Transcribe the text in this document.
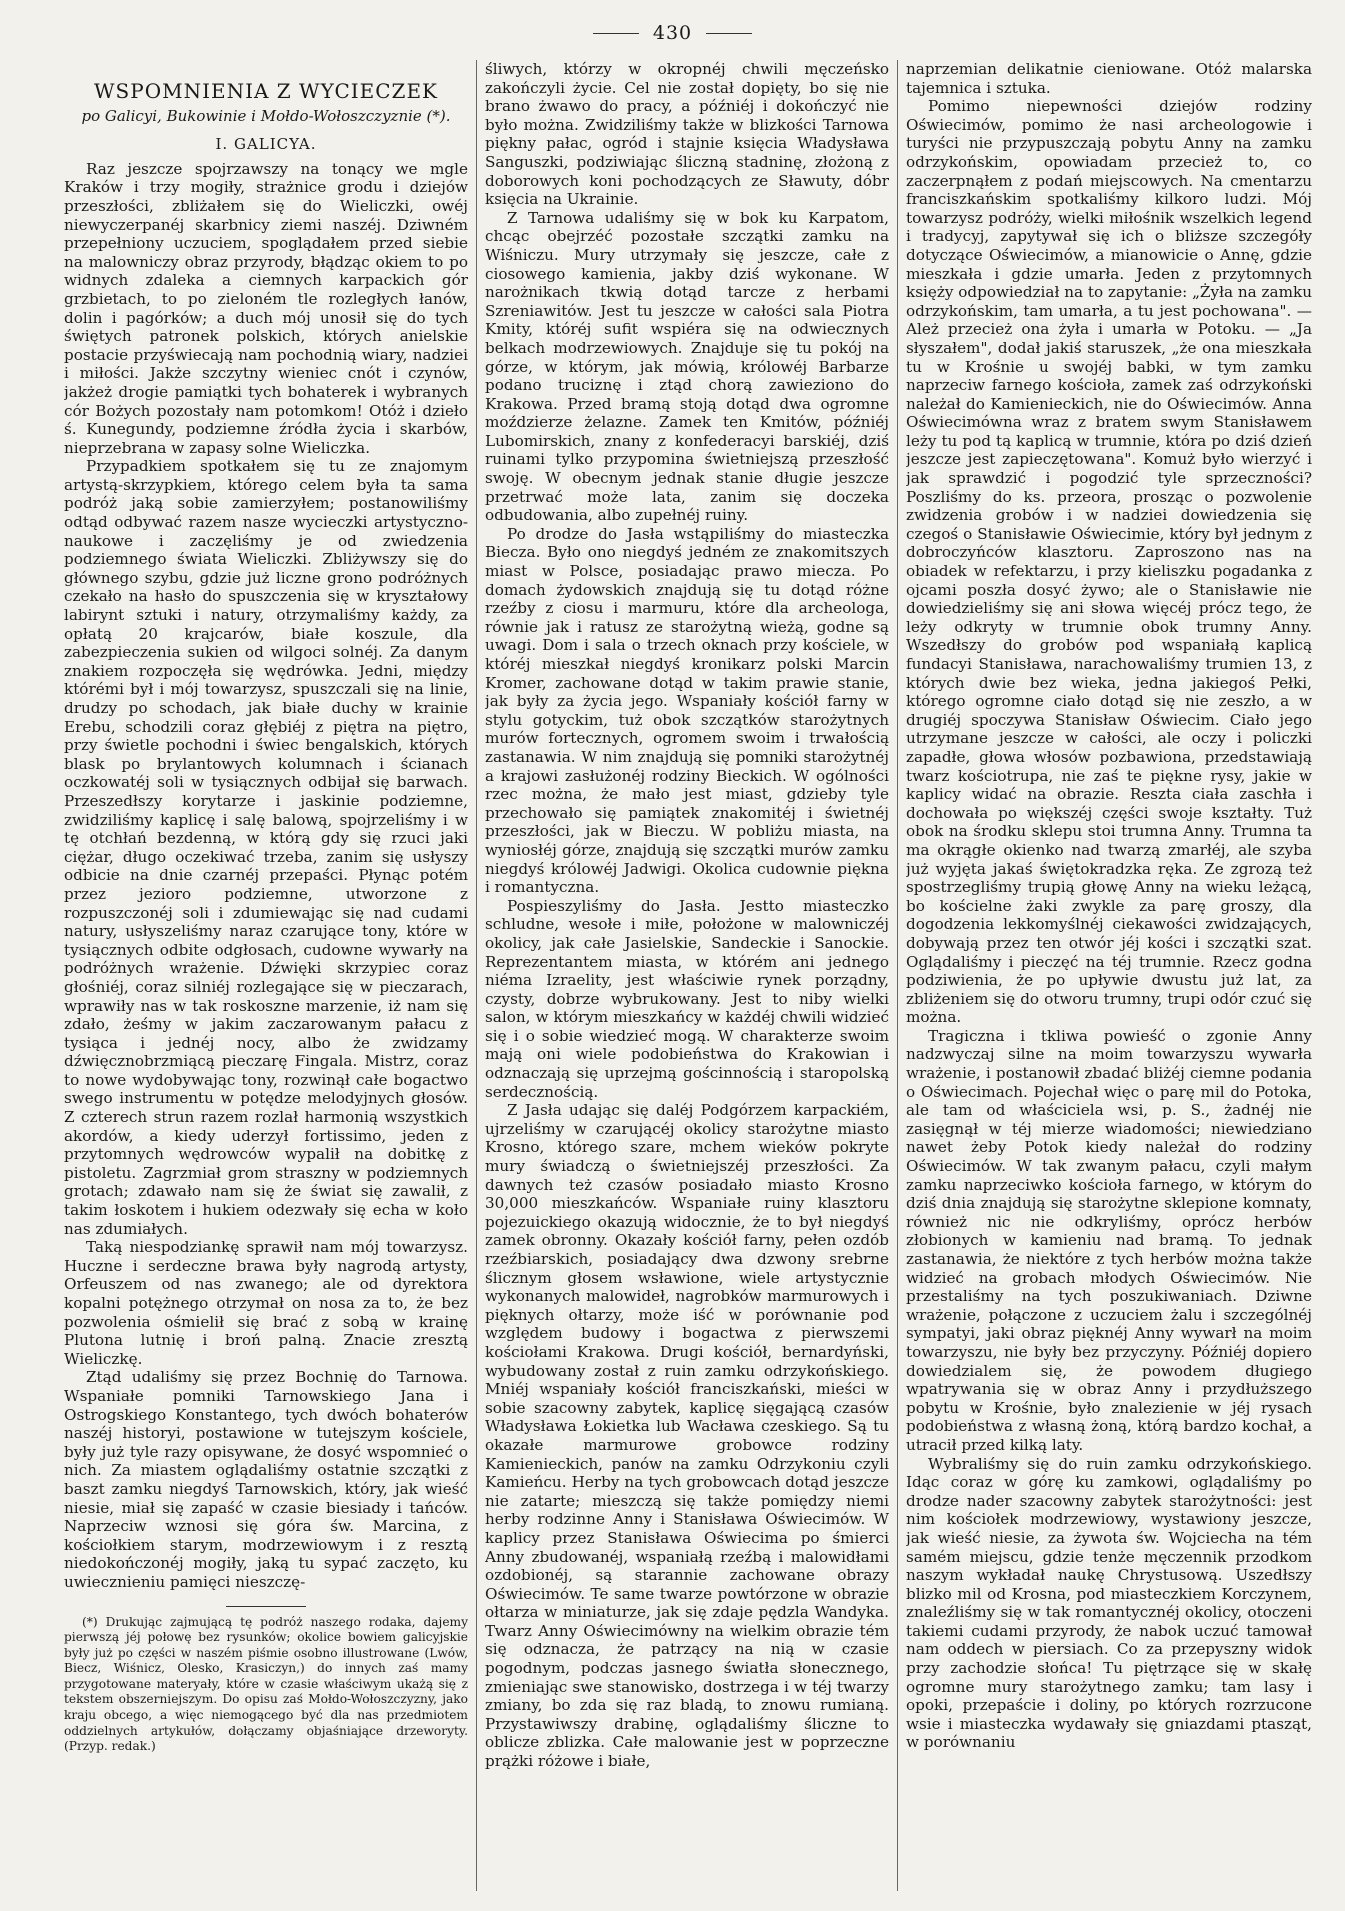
430
WSPOMNIENIA Z WYCIECZEK
po Galicyi, Bukowinie i Mołdo-Wołoszczyznie (*).
I. GALICYA.

Raz jeszcze spojrzawszy na tonący we mgle Kraków i trzy mogiły, strażnice grodu i dziejów przeszłości, zbliżałem się do Wieliczki, owéj niewyczerpanéj skarbnicy ziemi naszéj. Dziwném przepełniony uczuciem, spoglądałem przed siebie na malowniczy obraz przyrody, błądząc okiem to po widnych zdaleka a ciemnych karpackich gór grzbietach, to po zieloném tle rozległych łanów, dolin i pagórków; a duch mój unosił się do tych świętych patronek polskich, których anielskie postacie przyświecają nam pochodnią wiary, nadziei i miłości. Jakże szczytny wieniec cnót i czynów, jakżeż drogie pamiątki tych bohaterek i wybranych cór Bożych pozostały nam potomkom! Otóż i dzieło ś. Kunegundy, podziemne źródła życia i skarbów, nieprzebrana w zapasy solne Wieliczka.

Przypadkiem spotkałem się tu ze znajomym artystą-skrzypkiem, którego celem była ta sama podróż jaką sobie zamierzyłem; postanowiliśmy odtąd odbywać razem nasze wycieczki artystyczno-naukowe i zaczęliśmy je od zwiedzenia podziemnego świata Wieliczki. Zbliżywszy się do głównego szybu, gdzie już liczne grono podróżnych czekało na hasło do spuszczenia się w kryształowy labirynt sztuki i natury, otrzymaliśmy każdy, za opłatą 20 krajcarów, białe koszule, dla zabezpieczenia sukien od wilgoci solnéj. Za danym znakiem rozpoczęła się wędrówka. Jedni, między którémi był i mój towarzysz, spuszczali się na linie, drudzy po schodach, jak białe duchy w krainie Erebu, schodzili coraz głębiéj z piętra na piętro, przy świetle pochodni i świec bengalskich, których blask po brylantowych kolumnach i ścianach oczkowatéj soli w tysiącznych odbijał się barwach. Przeszedłszy korytarze i jaskinie podziemne, zwidziliśmy kaplicę i salę balową, spojrzeliśmy i w tę otchłań bezdenną, w którą gdy się rzuci jaki ciężar, długo oczekiwać trzeba, zanim się usłyszy odbicie na dnie czarnéj przepaści. Płynąc potém przez jezioro podziemne, utworzone z rozpuszczonéj soli i zdumiewając się nad cudami natury, usłyszeliśmy naraz czarujące tony, które w tysiącznych odbite odgłosach, cudowne wywarły na podróżnych wrażenie. Dźwięki skrzypiec coraz głośniéj, coraz silniéj rozlegające się w pieczarach, wprawiły nas w tak roskoszne marzenie, iż nam się zdało, żeśmy w jakim zaczarowanym pałacu z tysiąca i jednéj nocy, albo że zwidzamy dźwięcznobrzmiącą pieczarę Fingala. Mistrz, coraz to nowe wydobywając tony, rozwinął całe bogactwo swego instrumentu w potędze melodyjnych głosów. Z czterech strun razem rozlał harmonią wszystkich akordów, a kiedy uderzył fortissimo, jeden z przytomnych wędrowców wypalił na dobitkę z pistoletu. Zagrzmiał grom straszny w podziemnych grotach; zdawało nam się że świat się zawalił, z takim łoskotem i hukiem odezwały się echa w koło nas zdumiałych.

Taką niespodziankę sprawił nam mój towarzysz. Huczne i serdeczne brawa były nagrodą artysty, Orfeuszem od nas zwanego; ale od dyrektora kopalni potężnego otrzymał on nosa za to, że bez pozwolenia ośmielił się brać z sobą w krainę Plutona lutnię i broń palną. Znacie zresztą Wieliczkę.

Ztąd udaliśmy się przez Bochnię do Tarnowa. Wspaniałe pomniki Tarnowskiego Jana i Ostrogskiego Konstantego, tych dwóch bohaterów naszéj historyi, postawione w tutejszym kościele, były już tyle razy opisywane, że dosyć wspomnieć o nich. Za miastem oglądaliśmy ostatnie szczątki z baszt zamku niegdyś Tarnowskich, który, jak wieść niesie, miał się zapaść w czasie biesiady i tańców. Naprzeciw wznosi się góra św. Marcina, z kościołkiem starym, modrzewiowym i z resztą niedokończonéj mogiły, jaką tu sypać zaczęto, ku uwiecznieniu pamięci nieszczę-

(*) Drukując zajmującą tę podróż naszego rodaka, dajemy pierwszą jéj połowę bez rysunków; okolice bowiem galicyjskie były już po części w naszém piśmie osobno illustrowane (Lwów, Biecz, Wiśnicz, Olesko, Krasiczyn,) do innych zaś mamy przygotowane materyały, które w czasie właściwym ukażą się z tekstem obszerniejszym. Do opisu zaś Mołdo-Wołoszczyzny, jako kraju obcego, a więc niemogącego być dla nas przedmiotem oddzielnych artykułów, dołączamy objaśniające drzeworyty. (Przyp. redak.)

śliwych, którzy w okropnéj chwili męczeńsko zakończyli życie. Cel nie został dopięty, bo się nie brano żwawo do pracy, a późniéj i dokończyć nie było można. Zwidziliśmy także w blizkości Tarnowa piękny pałac, ogród i stajnie księcia Władysława Sanguszki, podziwiając śliczną stadninę, złożoną z doborowych koni pochodzących ze Sławuty, dóbr księcia na Ukrainie.

Z Tarnowa udaliśmy się w bok ku Karpatom, chcąc obejrzéć pozostałe szczątki zamku na Wiśniczu. Mury utrzymały się jeszcze, całe z ciosowego kamienia, jakby dziś wykonane. W narożnikach tkwią dotąd tarcze z herbami Szreniawitów. Jest tu jeszcze w całości sala Piotra Kmity, któréj sufit wspiéra się na odwiecznych belkach modrzewiowych. Znajduje się tu pokój na górze, w którym, jak mówią, królowéj Barbarze podano truciznę i ztąd chorą zawieziono do Krakowa. Przed bramą stoją dotąd dwa ogromne moździerze żelazne. Zamek ten Kmitów, późniéj Lubomirskich, znany z konfederacyi barskiéj, dziś ruinami tylko przypomina świetniejszą przeszłość swoję. W obecnym jednak stanie długie jeszcze przetrwać może lata, zanim się doczeka odbudowania, albo zupełnéj ruiny.

Po drodze do Jasła wstąpiliśmy do miasteczka Biecza. Było ono niegdyś jedném ze znakomitszych miast w Polsce, posiadając prawo miecza. Po domach żydowskich znajdują się tu dotąd różne rzeźby z ciosu i marmuru, które dla archeologa, równie jak i ratusz ze starożytną wieżą, godne są uwagi. Dom i sala o trzech oknach przy kościele, w któréj mieszkał niegdyś kronikarz polski Marcin Kromer, zachowane dotąd w takim prawie stanie, jak były za życia jego. Wspaniały kościół farny w stylu gotyckim, tuż obok szczątków starożytnych murów fortecznych, ogromem swoim i trwałością zastanawia. W nim znajdują się pomniki starożytnéj a krajowi zasłużonéj rodziny Bieckich. W ogólności rzec można, że mało jest miast, gdzieby tyle przechowało się pamiątek znakomitéj i świetnéj przeszłości, jak w Bieczu. W pobliżu miasta, na wyniosłéj górze, znajdują się szczątki murów zamku niegdyś królowéj Jadwigi. Okolica cudownie piękna i romantyczna.

Pospieszyliśmy do Jasła. Jestto miasteczko schludne, wesołe i miłe, położone w malowniczéj okolicy, jak całe Jasielskie, Sandeckie i Sanockie. Reprezentantem miasta, w którém ani jednego niéma Izraelity, jest właściwie rynek porządny, czysty, dobrze wybrukowany. Jest to niby wielki salon, w którym mieszkańcy w każdéj chwili widzieć się i o sobie wiedzieć mogą. W charakterze swoim mają oni wiele podobieństwa do Krakowian i odznaczają się uprzejmą gościnnością i staropolską serdecznością.

Z Jasła udając się daléj Podgórzem karpackiém, ujrzeliśmy w czarującéj okolicy starożytne miasto Krosno, którego szare, mchem wieków pokryte mury świadczą o świetniejszéj przeszłości. Za dawnych też czasów posiadało miasto Krosno 30,000 mieszkańców. Wspaniałe ruiny klasztoru pojezuickiego okazują widocznie, że to był niegdyś zamek obronny. Okazały kościół farny, pełen ozdób rzeźbiarskich, posiadający dwa dzwony srebrne ślicznym głosem wsławione, wiele artystycznie wykonanych malowideł, nagrobków marmurowych i pięknych ołtarzy, może iść w porównanie pod względem budowy i bogactwa z pierwszemi kościołami Krakowa. Drugi kościół, bernardyński, wybudowany został z ruin zamku odrzykońskiego. Mniéj wspaniały kościół franciszkański, mieści w sobie szacowny zabytek, kaplicę sięgającą czasów Władysława Łokietka lub Wacława czeskiego. Są tu okazałe marmurowe grobowce rodziny Kamienieckich, panów na zamku Odrzykoniu czyli Kamieńcu. Herby na tych grobowcach dotąd jeszcze nie zatarte; mieszczą się także pomiędzy niemi herby rodzinne Anny i Stanisława Oświecimów. W kaplicy przez Stanisława Oświecima po śmierci Anny zbudowanéj, wspaniałą rzeźbą i malowidłami ozdobionéj, są starannie zachowane obrazy Oświecimów. Te same twarze powtórzone w obrazie ołtarza w miniaturze, jak się zdaje pędzla Wandyka. Twarz Anny Oświecimówny na wielkim obrazie tém się odznacza, że patrzący na nią w czasie pogodnym, podczas jasnego światła słonecznego, zmieniając swe stanowisko, dostrzega i w téj twarzy zmiany, bo zda się raz bladą, to znowu rumianą. Przystawiwszy drabinę, oglądaliśmy śliczne to oblicze zblizka. Całe malowanie jest w poprzeczne prążki różowe i białe,

naprzemian delikatnie cieniowane. Otóż malarska tajemnica i sztuka.

Pomimo niepewności dziejów rodziny Oświecimów, pomimo że nasi archeologowie i turyści nie przypuszczają pobytu Anny na zamku odrzykońskim, opowiadam przecież to, co zaczerpnąłem z podań miejscowych. Na cmentarzu franciszkańskim spotkaliśmy kilkoro ludzi. Mój towarzysz podróży, wielki miłośnik wszelkich legend i tradycyj, zapytywał się ich o bliższe szczegóły dotyczące Oświecimów, a mianowicie o Annę, gdzie mieszkała i gdzie umarła. Jeden z przytomnych księży odpowiedział na to zapytanie: „Żyła na zamku odrzykońskim, tam umarła, a tu jest pochowana". — Ależ przecież ona żyła i umarła w Potoku. — „Ja słyszałem", dodał jakiś staruszek, „że ona mieszkała tu w Krośnie u swojéj babki, w tym zamku naprzeciw farnego kościoła, zamek zaś odrzykoński należał do Kamienieckich, nie do Oświecimów. Anna Oświecimówna wraz z bratem swym Stanisławem leży tu pod tą kaplicą w trumnie, która po dziś dzień jeszcze jest zapieczętowana". Komuż było wierzyć i jak sprawdzić i pogodzić tyle sprzeczności? Poszliśmy do ks. przeora, prosząc o pozwolenie zwidzenia grobów i w nadziei dowiedzenia się czegoś o Stanisławie Oświecimie, który był jednym z dobroczyńców klasztoru. Zaproszono nas na obiadek w refektarzu, i przy kieliszku pogadanka z ojcami poszła dosyć żywo; ale o Stanisławie nie dowiedzieliśmy się ani słowa więcéj prócz tego, że leży odkryty w trumnie obok trumny Anny. Wszedłszy do grobów pod wspaniałą kaplicą fundacyi Stanisława, narachowaliśmy trumien 13, z których dwie bez wieka, jedna jakiegoś Pełki, którego ogromne ciało dotąd się nie zeszło, a w drugiéj spoczywa Stanisław Oświecim. Ciało jego utrzymane jeszcze w całości, ale oczy i policzki zapadłe, głowa włosów pozbawiona, przedstawiają twarz kościotrupa, nie zaś te piękne rysy, jakie w kaplicy widać na obrazie. Reszta ciała zaschła i dochowała po większéj części swoje kształty. Tuż obok na środku sklepu stoi trumna Anny. Trumna ta ma okrągłe okienko nad twarzą zmarłéj, ale szyba już wyjęta jakaś świętokradzka ręka. Ze zgrozą też spostrzegliśmy trupią głowę Anny na wieku leżącą, bo kościelne żaki zwykle za parę groszy, dla dogodzenia lekkomyślnéj ciekawości zwidzających, dobywają przez ten otwór jéj kości i szczątki szat. Oglądaliśmy i pieczęć na téj trumnie. Rzecz godna podziwienia, że po upływie dwustu już lat, za zbliżeniem się do otworu trumny, trupi odór czuć się można.

Tragiczna i tkliwa powieść o zgonie Anny nadzwyczaj silne na moim towarzyszu wywarła wrażenie, i postanowił zbadać bliżéj ciemne podania o Oświecimach. Pojechał więc o parę mil do Potoka, ale tam od właściciela wsi, p. S., żadnéj nie zasięgnął w téj mierze wiadomości; niewiedziano nawet żeby Potok kiedy należał do rodziny Oświecimów. W tak zwanym pałacu, czyli małym zamku naprzeciwko kościoła farnego, w którym do dziś dnia znajdują się starożytne sklepione komnaty, również nic nie odkryliśmy, oprócz herbów złobionych w kamieniu nad bramą. To jednak zastanawia, że niektóre z tych herbów można także widzieć na grobach młodych Oświecimów. Nie przestaliśmy na tych poszukiwaniach. Dziwne wrażenie, połączone z uczuciem żalu i szczególnéj sympatyi, jaki obraz pięknéj Anny wywarł na moim towarzyszu, nie były bez przyczyny. Późniéj dopiero dowiedzialem się, że powodem długiego wpatrywania się w obraz Anny i przydłuższego pobytu w Krośnie, było znalezienie w jéj rysach podobieństwa z własną żoną, którą bardzo kochał, a utracił przed kilką laty.

Wybraliśmy się do ruin zamku odrzykońskiego. Idąc coraz w górę ku zamkowi, oglądaliśmy po drodze nader szacowny zabytek starożytności: jest nim kościołek modrzewiowy, wystawiony jeszcze, jak wieść niesie, za żywota św. Wojciecha na tém samém miejscu, gdzie tenże męczennik przodkom naszym wykładał naukę Chrystusową. Uszedłszy blizko mil od Krosna, pod miasteczkiem Korczynem, znaleźliśmy się w tak romantycznéj okolicy, otoczeni takiemi cudami przyrody, że nabok uczuć tamował nam oddech w piersiach. Co za przepyszny widok przy zachodzie słońca! Tu piętrzące się w skałę ogromne mury starożytnego zamku; tam lasy i opoki, przepaście i doliny, po których rozrzucone wsie i miasteczka wydawały się gniazdami ptasząt, w porównaniu
